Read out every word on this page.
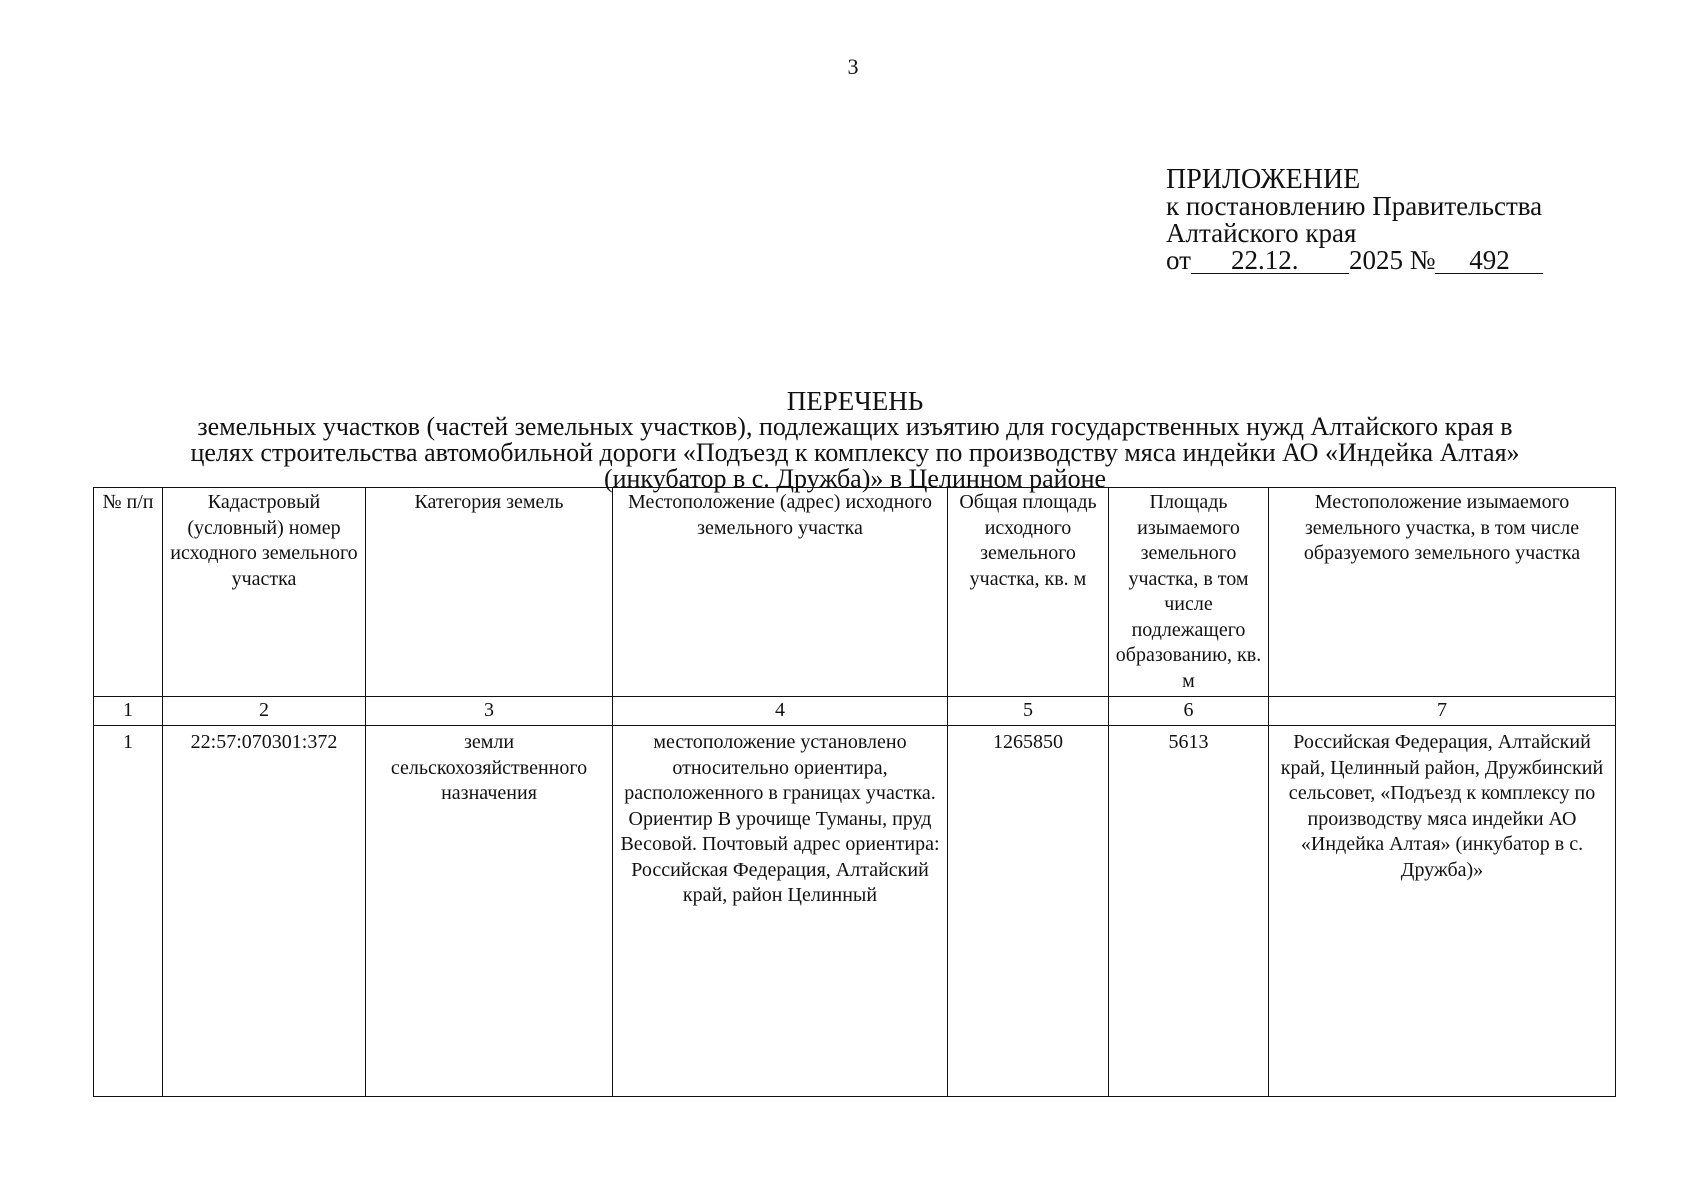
3
ПРИЛОЖЕНИЕ
к постановлению Правительства
Алтайского края
от 22.12. 2025 № 492
ПЕРЕЧЕНЬ
земельных участков (частей земельных участков), подлежащих изъятию для государственных нужд Алтайского края в
целях строительства автомобильной дороги «Подъезд к комплексу по производству мяса индейки АО «Индейка Алтая»
(инкубатор в с. Дружба)» в Целинном районе
№ п/п	Кадастровый (условный) номер исходного земельного участка	Категория земель	Местоположение (адрес) исходного земельного участка	Общая площадь исходного земельного участка, кв. м	Площадь изымаемого земельного участка, в том числе подлежащего образованию, кв. м	Местоположение изымаемого земельного участка, в том числе образуемого земельного участка
1	2	3	4	5	6	7
1	22:57:070301:372	земли сельскохозяйственного назначения	местоположение установлено относительно ориентира, расположенного в границах участка. Ориентир В урочище Туманы, пруд Весовой. Почтовый адрес ориентира: Российская Федерация, Алтайский край, район Целинный	1265850	5613	Российская Федерация, Алтайский край, Целинный район, Дружбинский сельсовет, «Подъезд к комплексу по производству мяса индейки АО «Индейка Алтая» (инкубатор в с. Дружба)»
